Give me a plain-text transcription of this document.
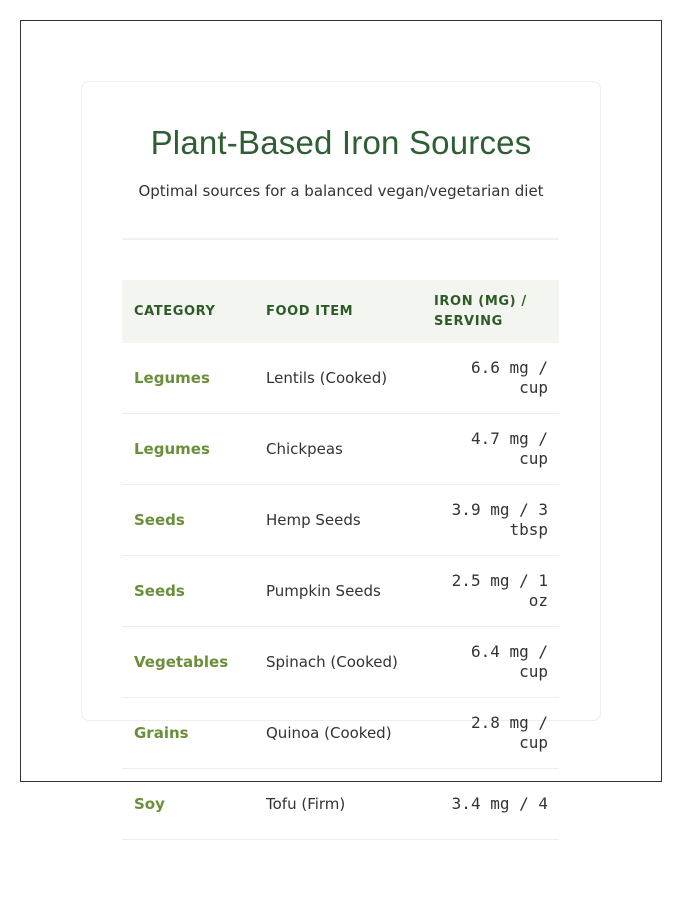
Plant-Based Iron Sources

Optimal sources for a balanced vegan/vegetarian diet

CATEGORY	FOOD ITEM	IRON (MG) / SERVING
Legumes	Lentils (Cooked)	6.6 mg / cup
Legumes	Chickpeas	4.7 mg / cup
Seeds	Hemp Seeds	3.9 mg / 3 tbsp
Seeds	Pumpkin Seeds	2.5 mg / 1 oz
Vegetables	Spinach (Cooked)	6.4 mg / cup
Grains	Quinoa (Cooked)	2.8 mg / cup
Soy	Tofu (Firm)	3.4 mg / 4
